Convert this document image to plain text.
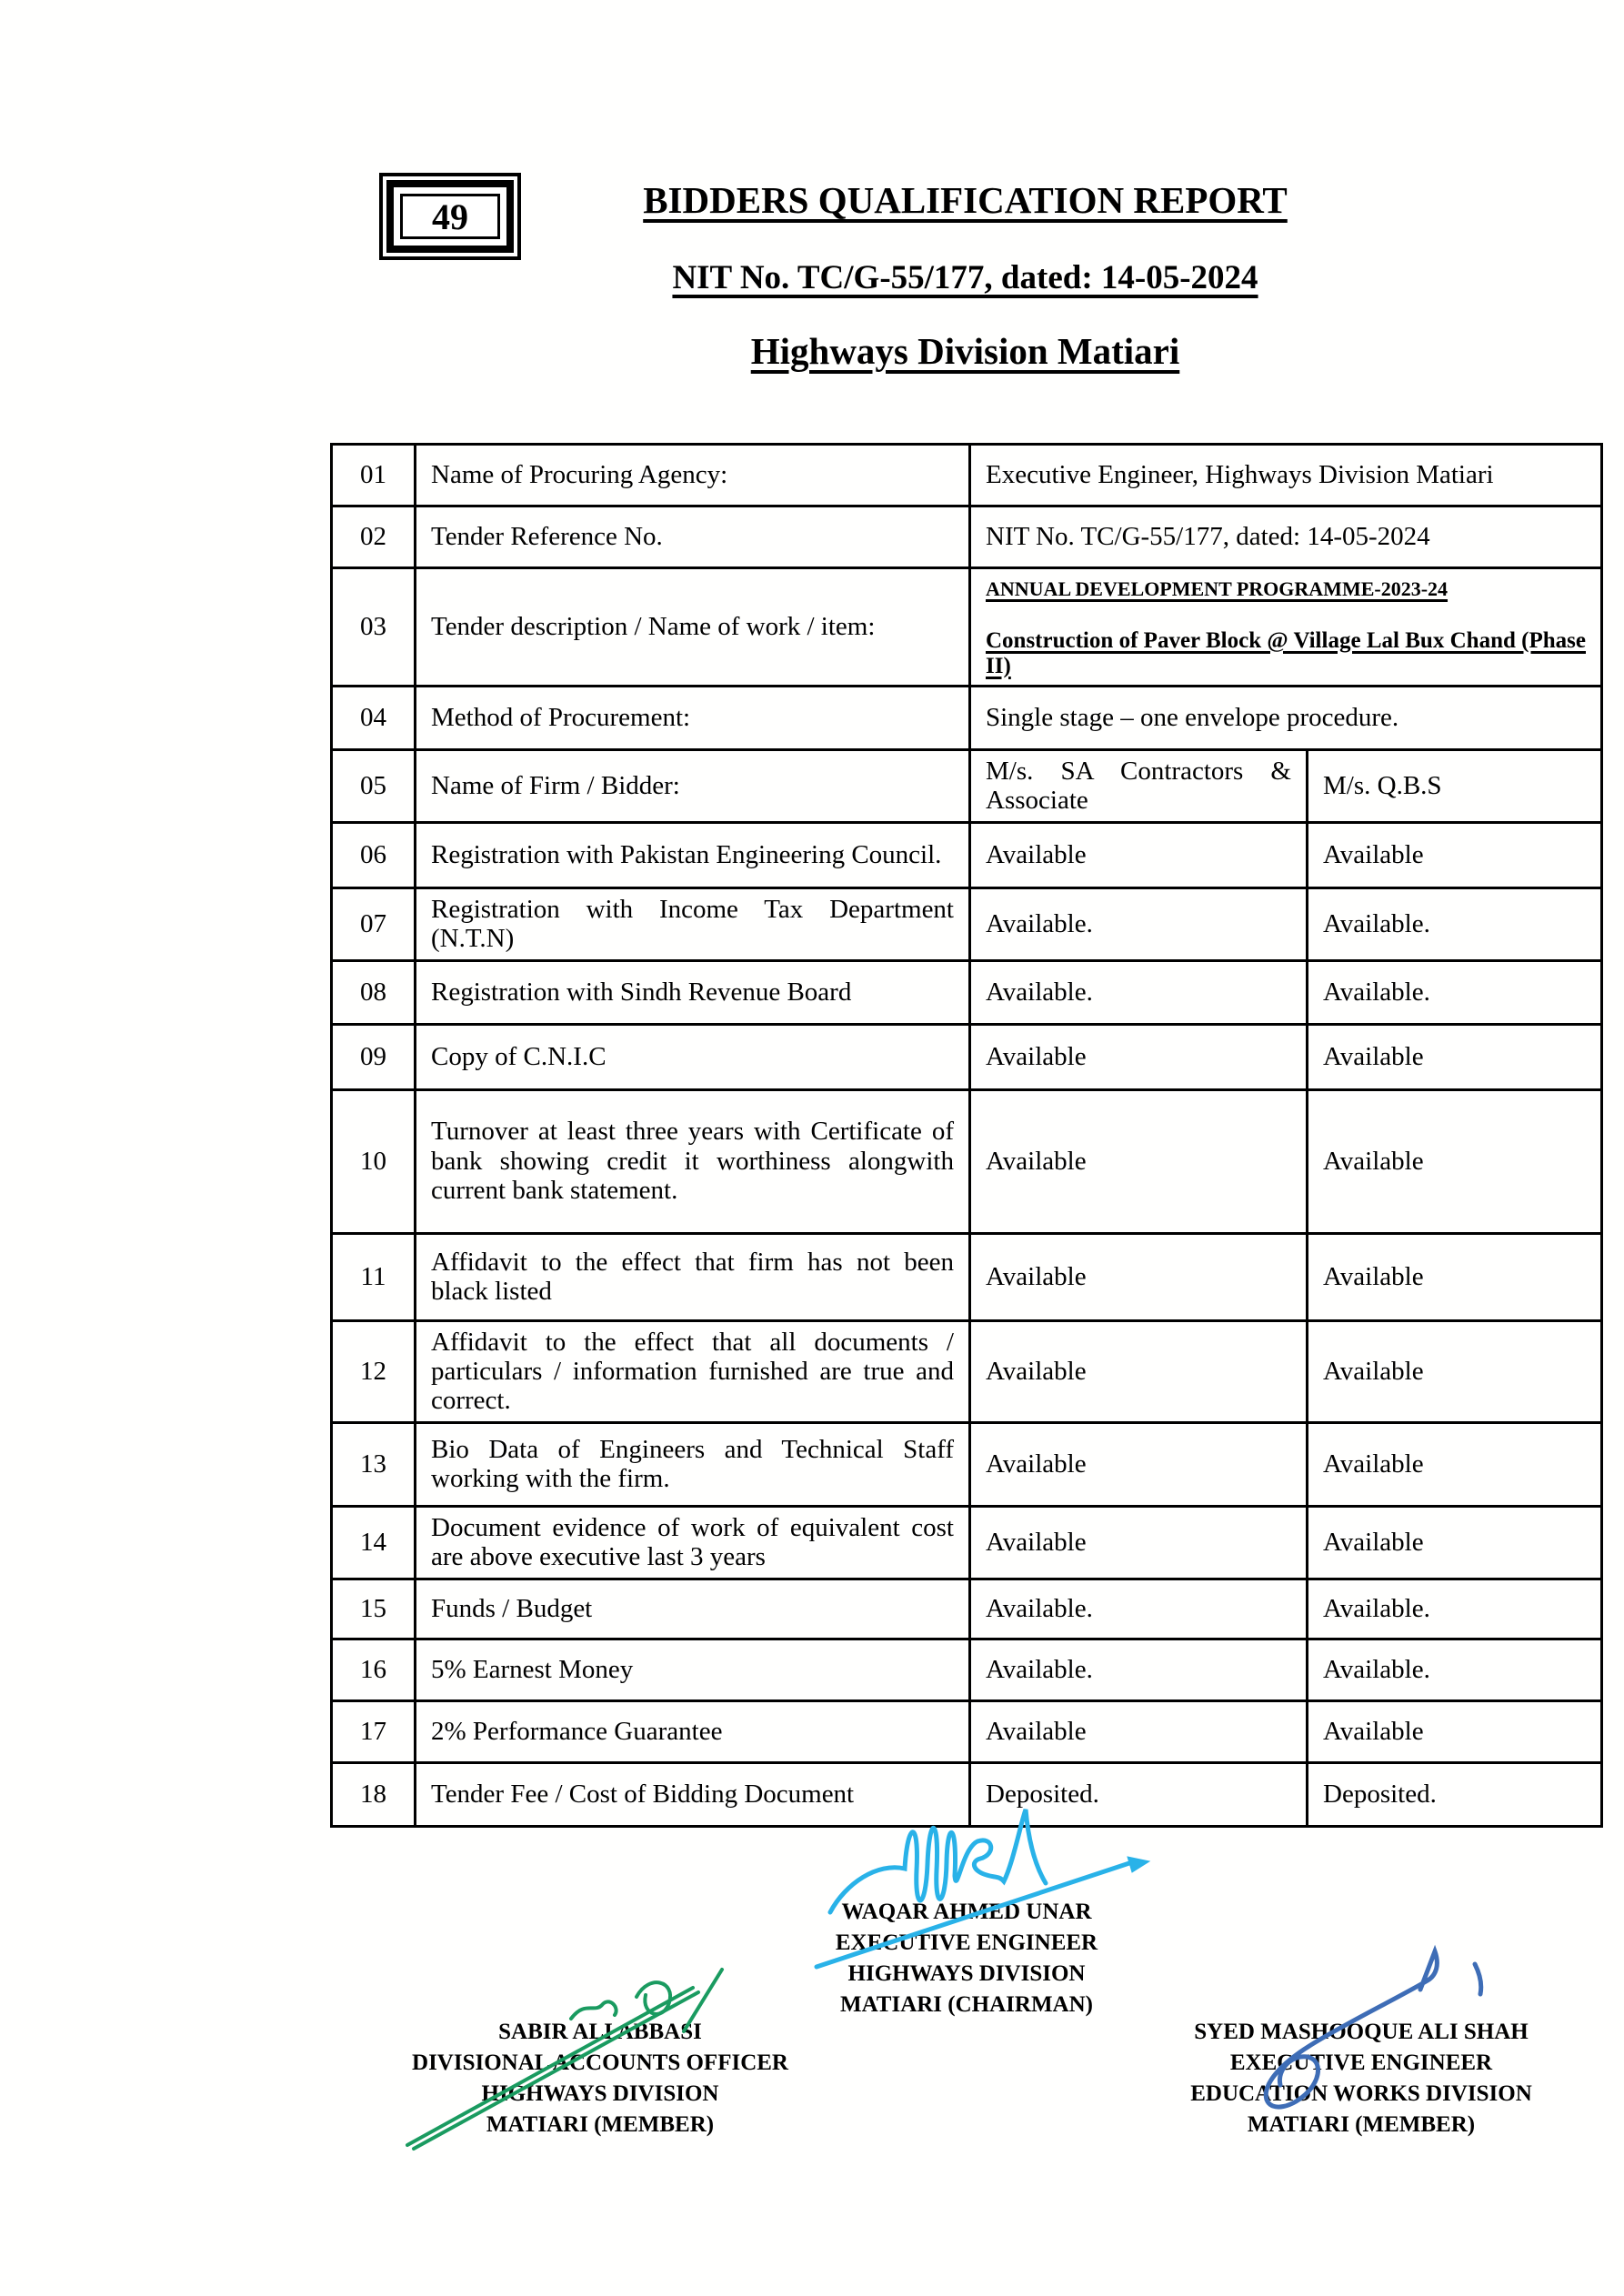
49	BIDDERS QUALIFICATION REPORT
NIT No. TC/G-55/177, dated: 14-05-2024
Highways Division Matiari
01	Name of Procuring Agency:	Executive Engineer, Highways Division Matiari	
02	Tender Reference No.	NIT No. TC/G-55/177, dated: 14-05-2024	
03	Tender description / Name of work / item:	ANNUAL DEVELOPMENT PROGRAMME-2023-24
Construction of Paver Block @ Village Lal Bux Chand (Phase II)	

04	Method of Procurement:	Single stage – one envelope procedure.	
05	Name of Firm / Bidder:	M/s. SA Contractors & Associate	M/s. Q.B.S
06	Registration with Pakistan Engineering Council.	Available	Available
07	Registration with Income Tax Department (N.T.N)	Available.	Available.
08	Registration with Sindh Revenue Board	Available.	Available.
09	Copy of C.N.I.C	Available	Available
10	Turnover at least three years with Certificate of bank showing credit it worthiness alongwith current bank statement.	Available	Available
11	Affidavit to the effect that firm has not been black listed	Available	Available
12	Affidavit to the effect that all documents / particulars / information furnished are true and correct.	Available	Available
13	Bio Data of Engineers and Technical Staff working with the firm.	Available	Available
14	Document evidence of work of equivalent cost are above executive last 3 years	Available	Available
15	Funds / Budget	Available.	Available.
16	5% Earnest Money	Available.	Available.
17	2% Performance Guarantee	Available	Available
18	Tender Fee / Cost of Bidding Document	Deposited.	Deposited.
WAQAR AHMED UNAR
EXECUTIVE ENGINEER
HIGHWAYS DIVISION
MATIARI (CHAIRMAN)
SABIR ALI ABBASI
DIVISIONAL ACCOUNTS OFFICER
HIGHWAYS DIVISION
MATIARI (MEMBER)
SYED MASHOOQUE ALI SHAH
EXECUTIVE ENGINEER
EDUCATION WORKS DIVISION
MATIARI (MEMBER)
